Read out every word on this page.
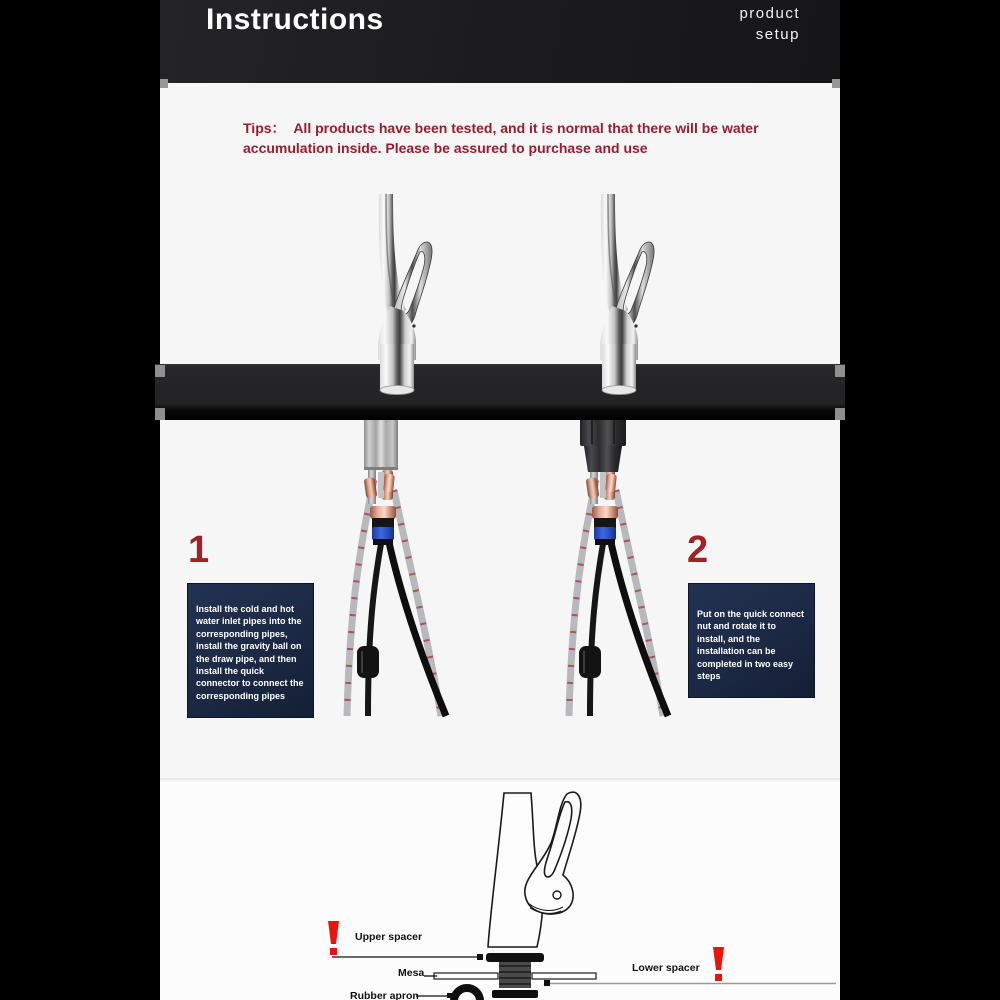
Instructions	product
setup
Tips： All products have been tested, and it is normal that there will be water accumulation inside. Please be assured to purchase and use
1
Install the cold and hot water inlet pipes into the corresponding pipes, install the gravity ball on the draw pipe, and then install the quick connector to connect the corresponding pipes
2
Put on the quick connect nut and rotate it to install, and the installation can be completed in two easy steps
Upper spacer
Mesa	Lower spacer
Rubber apron
